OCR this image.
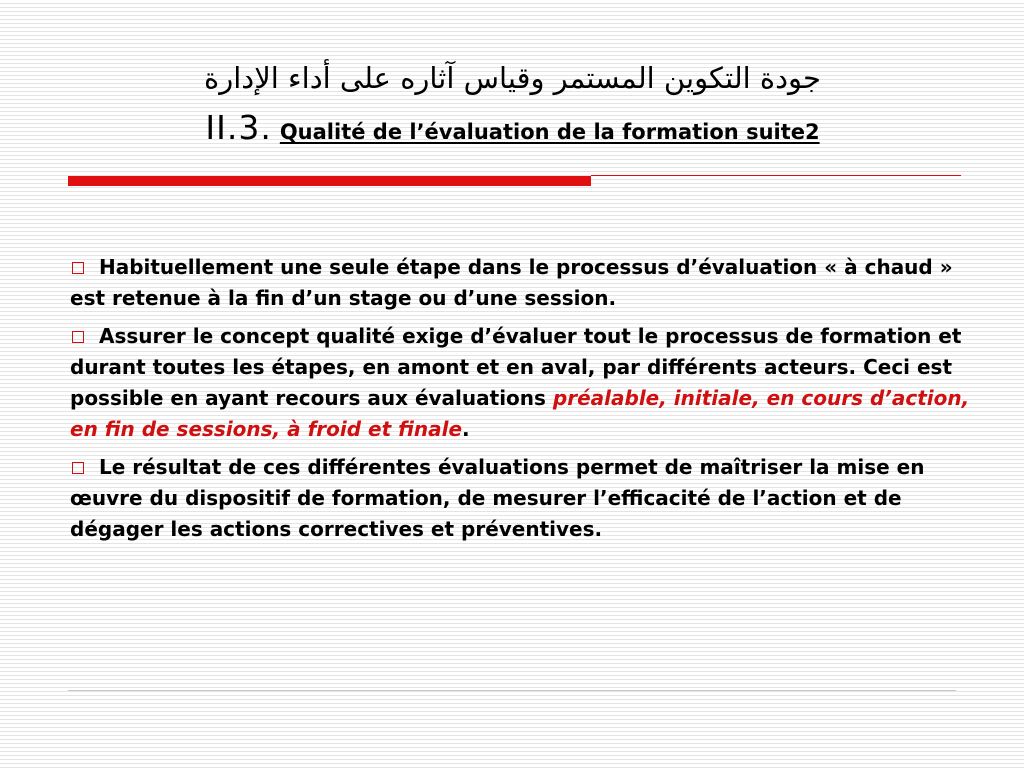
جودة التكوين المستمر وقياس آثاره على أداء الإدارة
II.3. Qualité de l’évaluation de la formation suite2

Habituellement une seule étape dans le processus d’évaluation « à chaud » est retenue à la fin d’un stage ou d’une session.

Assurer le concept qualité exige d’évaluer tout le processus de formation et durant toutes les étapes, en amont et en aval, par différents acteurs. Ceci est possible en ayant recours aux évaluations préalable, initiale, en cours d’action, en fin de sessions, à froid et finale.

Le résultat de ces différentes évaluations permet de maîtriser la mise en œuvre du dispositif de formation, de mesurer l’efficacité de l’action et de dégager les actions correctives et préventives.
